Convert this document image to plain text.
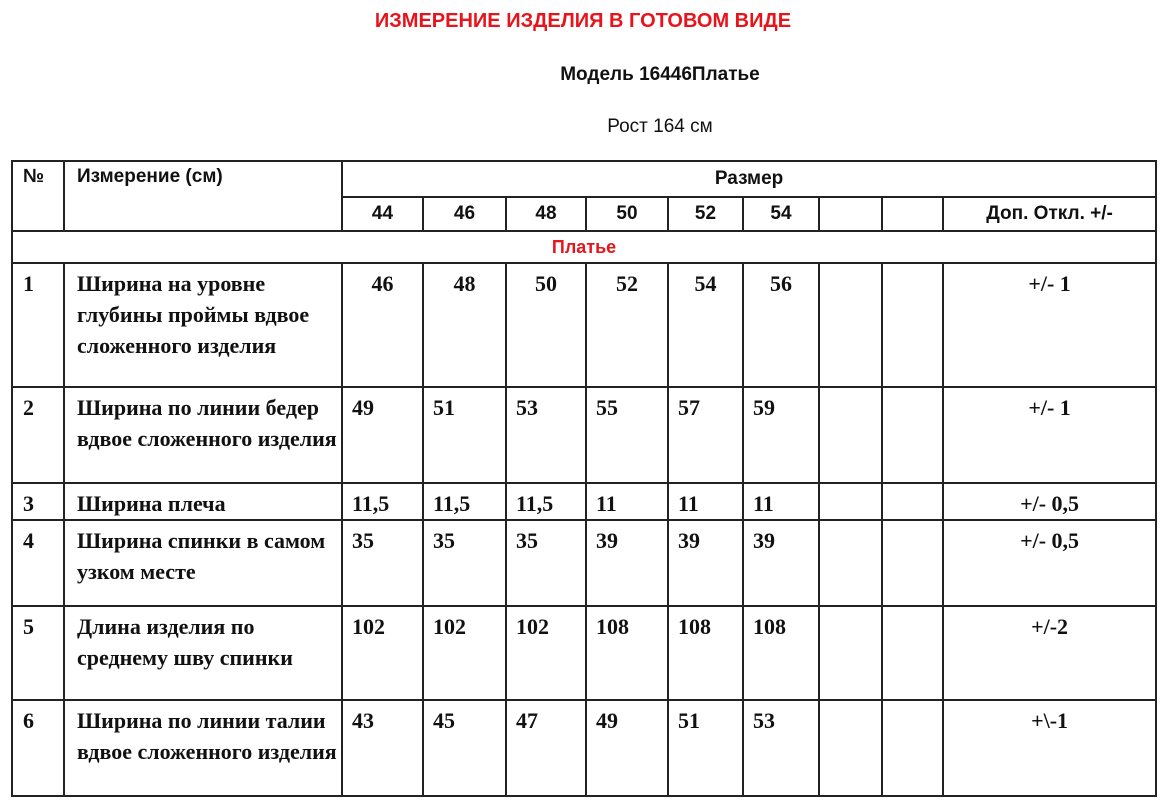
ИЗМЕРЕНИЕ ИЗДЕЛИЯ В ГОТОВОМ ВИДЕ
Модель 16446Платье
Рост 164 см
№	Измерение (см)	Размер								
		44	46	48	50	52	54			Доп. Откл. +/-
Платье										
1	Ширина на уровне глубины проймы вдвое сложенного изделия	46	48	50	52	54	56			+/- 1
2	Ширина по линии бедер вдвое сложенного изделия	49	51	53	55	57	59			+/- 1
3	Ширина плеча	11,5	11,5	11,5	11	11	11			+/- 0,5
4	Ширина спинки в самом узком месте	35	35	35	39	39	39			+/- 0,5
5	Длина изделия по среднему шву спинки	102	102	102	108	108	108			+/-2
6	Ширина по линии талии вдвое сложенного изделия	43	45	47	49	51	53			+\-1
